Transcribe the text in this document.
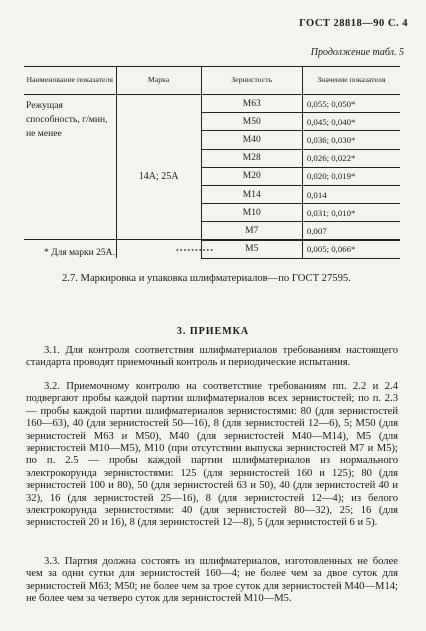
ГОСТ 28818—90 С. 4
Продолжение табл. 5
Наименование показателя	Марка	Зернистость	Значение показателя
Режущая способность, г/мин, не менее	14А; 25А	М63	0,055; 0,050*
		М50	0,045; 0,040*
		М40	0,036; 0,030*
		М28	0,026; 0,022*
		М20	0,020; 0,019*
		М14	0,014
		М10	0,031; 0,010*
		М7	0,007
		М5	0,005; 0,066*
* Для марки 25А.	••••••••••

2.7. Маркировка и упаковка шлифматериалов—по ГОСТ 27595.

3. ПРИЕМКА

3.1. Для контроля соответствия шлифматериалов требованиям настоящего стандарта проводят приемочный контроль и периодические испытания.

3.2. Приемочному контролю на соответствие требованиям пп. 2.2 и 2.4 подвергают пробы каждой партии шлифматериалов всех зернистостей; по п. 2.3 — пробы каждой партии шлифматериалов зернистостями: 80 (для зернистостей 160—63), 40 (для зернистостей 50—16), 8 (для зернистостей 12—6), 5; М50 (для зернистостей М63 и М50), М40 (для зернистостей М40—М14), М5 (для зернистостей М10—М5), М10 (при отсутствии выпуска зернистостей М7 и М5); по п. 2.5 — пробы каждой партии шлифматериалов из нормального электрокорунда зернистостями: 125 (для зернистостей 160 и 125); 80 (для зернистостей 100 и 80), 50 (для зернистостей 63 и 50), 40 (для зернистостей 40 и 32), 16 (для зернистостей 25—16), 8 (для зернистостей 12—4); из белого электрокорунда зернистостями: 40 (для зернистостей 80—32), 25; 16 (для зернистостей 20 и 16), 8 (для зернистостей 12—8), 5 (для зернистостей 6 и 5).

3.3. Партия должна состоять из шлифматериалов, изготовленных не более чем за одни сутки для зернистостей 160—4; не более чем за двое суток для зернистостей М63; М50; не более чем за трое суток для зернистостей М40—М14; не более чем за четверо суток для зернистостей М10—М5.
